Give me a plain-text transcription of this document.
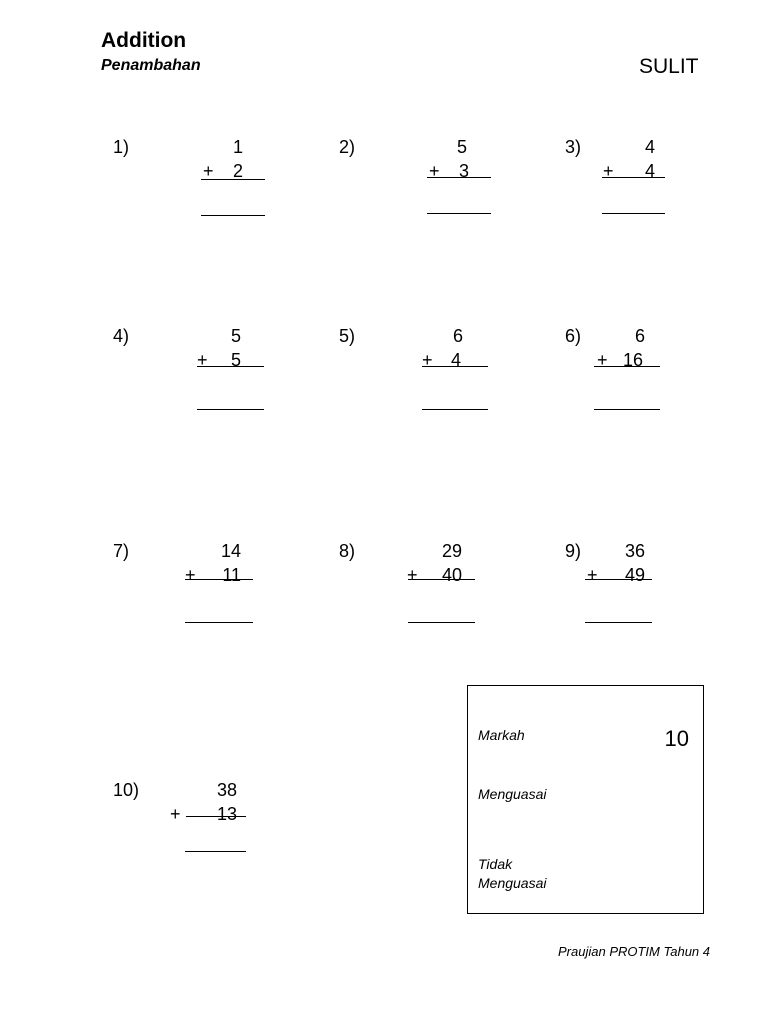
Addition
Penambahan	SULIT
1)	1
+	2
2)	5
+	3
3)	4
+	4
4)	5
+	5
5)	6
+	4
6)	6
+ 16
7)	14
+	11
8)	29
+	40
9)	36
+	49
10)	38
+	13
Markah	10
Menguasai
Tidak
Menguasai
Praujian PROTIM Tahun 4
